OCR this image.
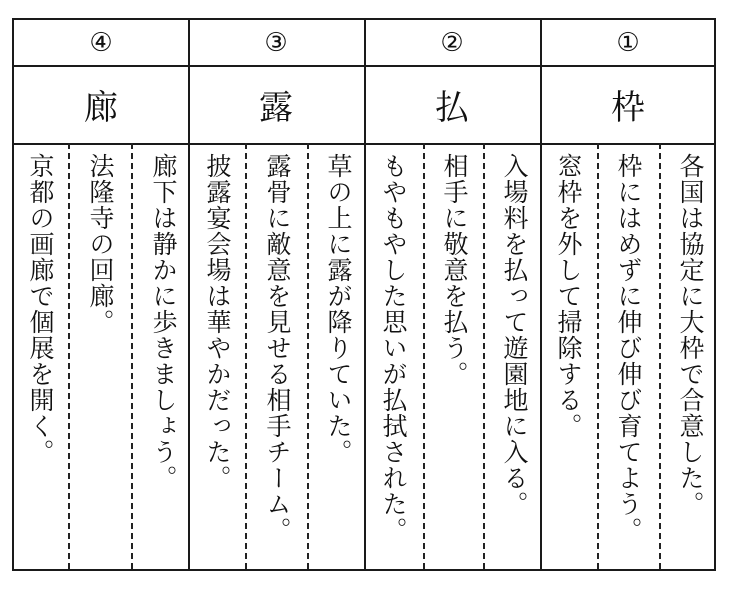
①
②
③
④
枠
払
露
廊
各国は協定に大枠で合意した。
枠にはめずに伸び伸び育てよう。
窓枠を外して掃除する。
入場料を払って遊園地に入る。
相手に敬意を払う。
もやもやした思いが払拭された。
草の上に露が降りていた。
露骨に敵意を見せる相手チーム。
披露宴会場は華やかだった。
廊下は静かに歩きましょう。
法隆寺の回廊。
京都の画廊で個展を開く。
